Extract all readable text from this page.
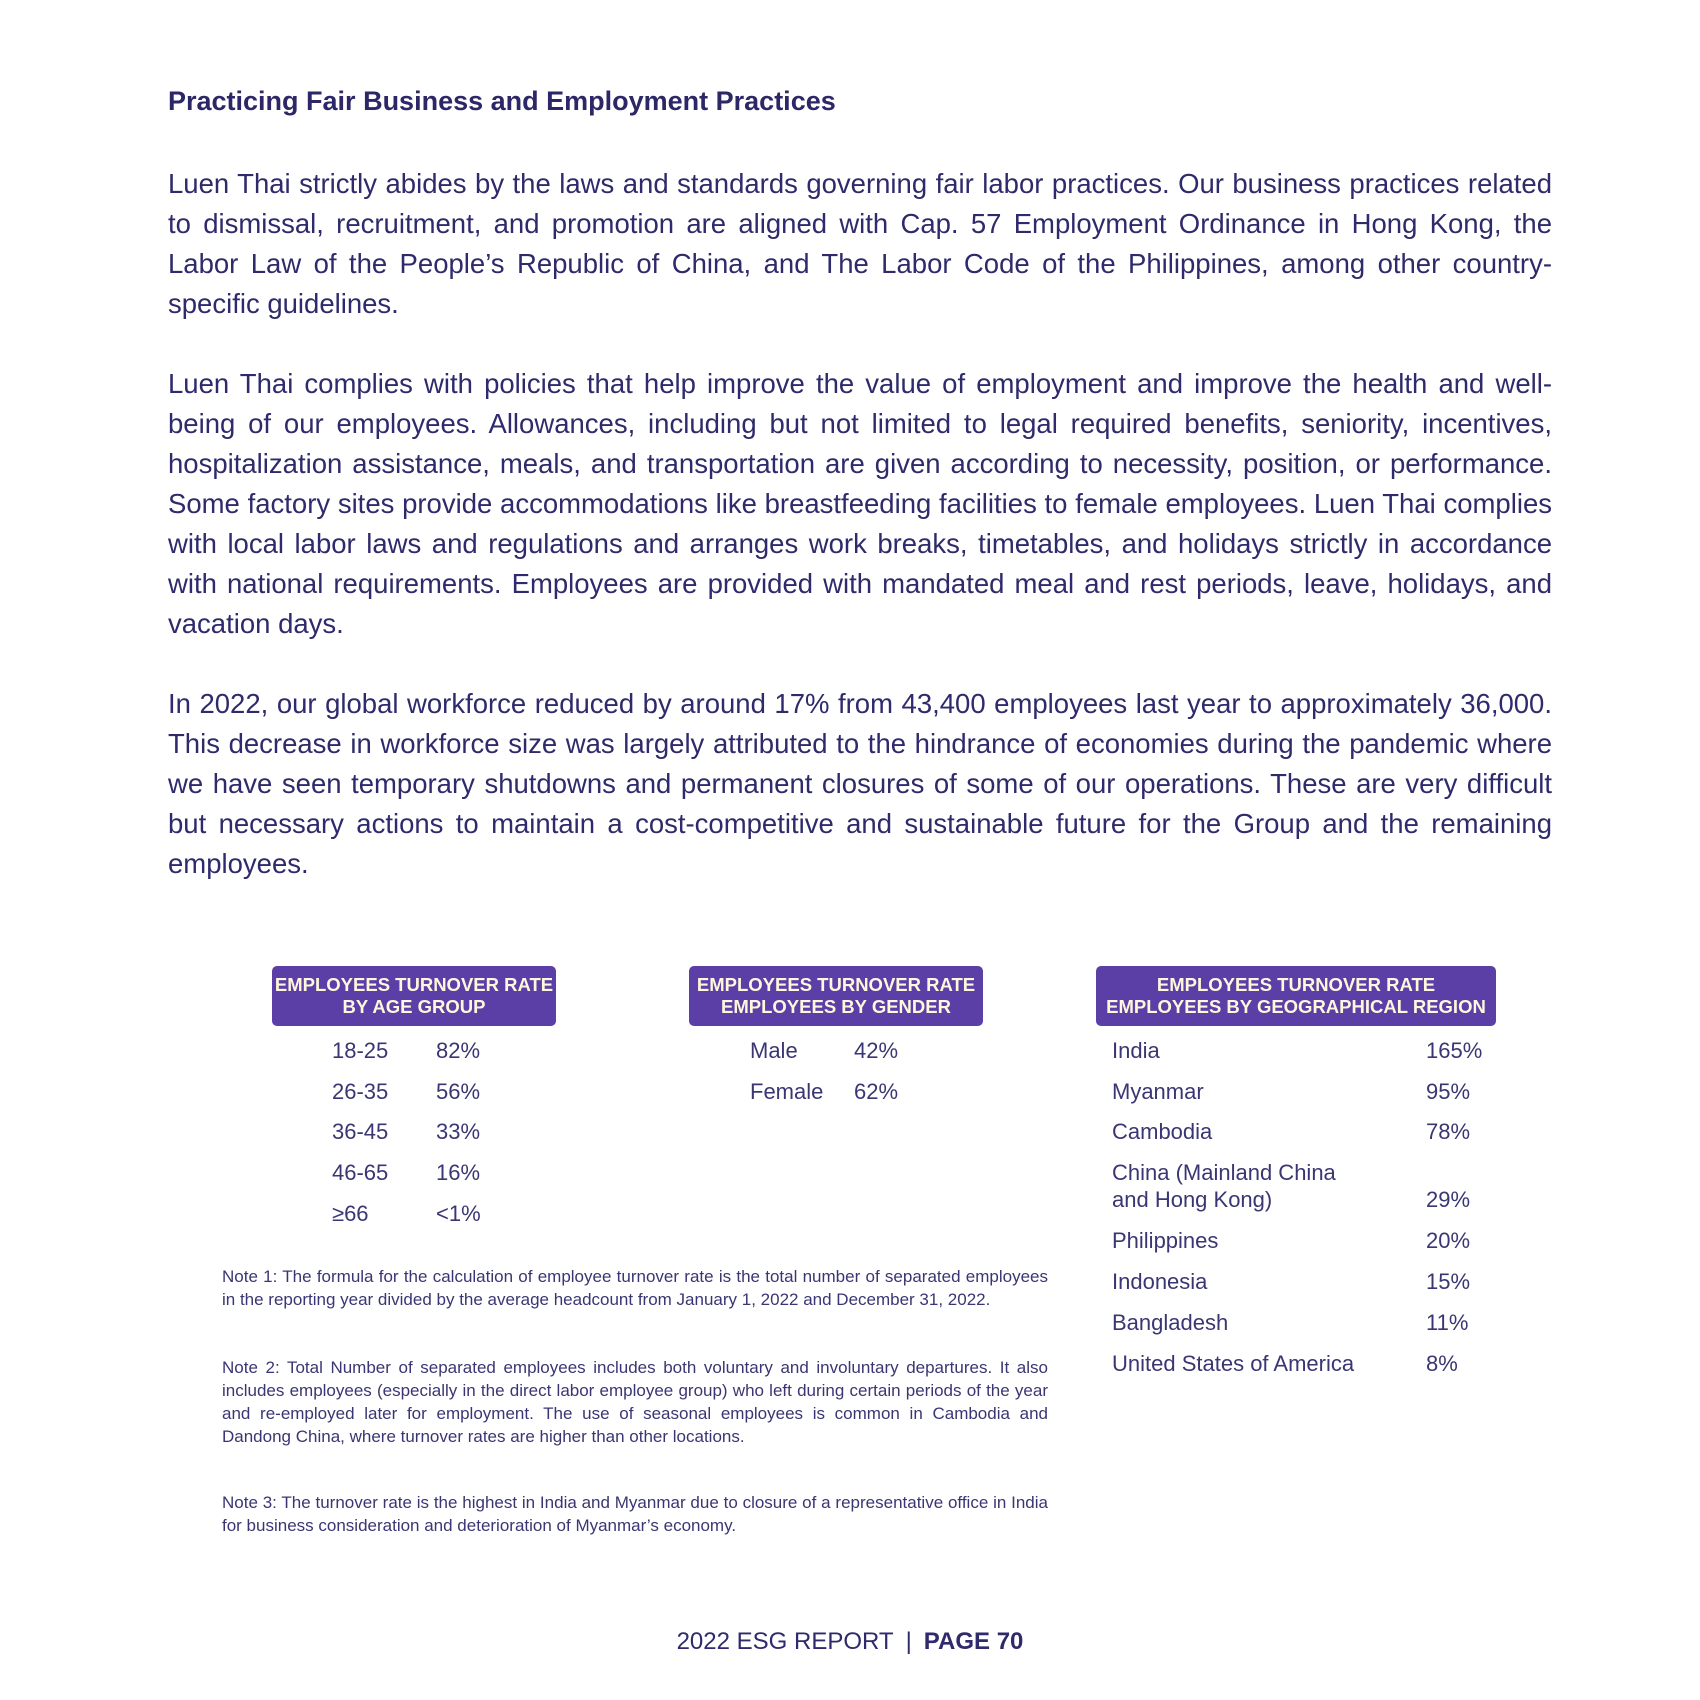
Practicing Fair Business and Employment Practices

Luen Thai strictly abides by the laws and standards governing fair labor practices. Our business practices related to dismissal, recruitment, and promotion are aligned with Cap. 57 Employment Ordinance in Hong Kong, the Labor Law of the People’s Republic of China, and The Labor Code of the Philippines, among other country-specific guidelines.

Luen Thai complies with policies that help improve the value of employment and improve the health and well-being of our employees. Allowances, including but not limited to legal required benefits, seniority, incentives, hospitalization assistance, meals, and transportation are given according to necessity, position, or performance. Some factory sites provide accommodations like breastfeeding facilities to female employees. Luen Thai complies with local labor laws and regulations and arranges work breaks, timetables, and holidays strictly in accordance with national requirements. Employees are provided with mandated meal and rest periods, leave, holidays, and vacation days.

In 2022, our global workforce reduced by around 17% from 43,400 employees last year to approximately 36,000. This decrease in workforce size was largely attributed to the hindrance of economies during the pandemic where we have seen temporary shutdowns and permanent closures of some of our operations. These are very difficult but necessary actions to maintain a cost-competitive and sustainable future for the Group and the remaining employees.

EMPLOYEES TURNOVER RATE
BY AGE GROUP
18-25 82%
26-35 56%
36-45 33%
46-65 16%
≥66	<1%
EMPLOYEES TURNOVER RATE
EMPLOYEES BY GENDER
Male	42%
Female 62%
EMPLOYEES TURNOVER RATE
EMPLOYEES BY GEOGRAPHICAL REGION
India	165%
Myanmar	95%
Cambodia	78%
China (Mainland China
and Hong Kong)	29%
Philippines	20%
Indonesia	15%
Bangladesh	11%
United States of America	8%

Note 1: The formula for the calculation of employee turnover rate is the total number of separated employees in the reporting year divided by the average headcount from January 1, 2022 and December 31, 2022.

Note 2: Total Number of separated employees includes both voluntary and involuntary departures. It also includes employees (especially in the direct labor employee group) who left during certain periods of the year and re-employed later for employment. The use of seasonal employees is common in Cambodia and Dandong China, where turnover rates are higher than other locations.

Note 3: The turnover rate is the highest in India and Myanmar due to closure of a representative office in India for business consideration and deterioration of Myanmar’s economy.

2022 ESG REPORT | PAGE 70
